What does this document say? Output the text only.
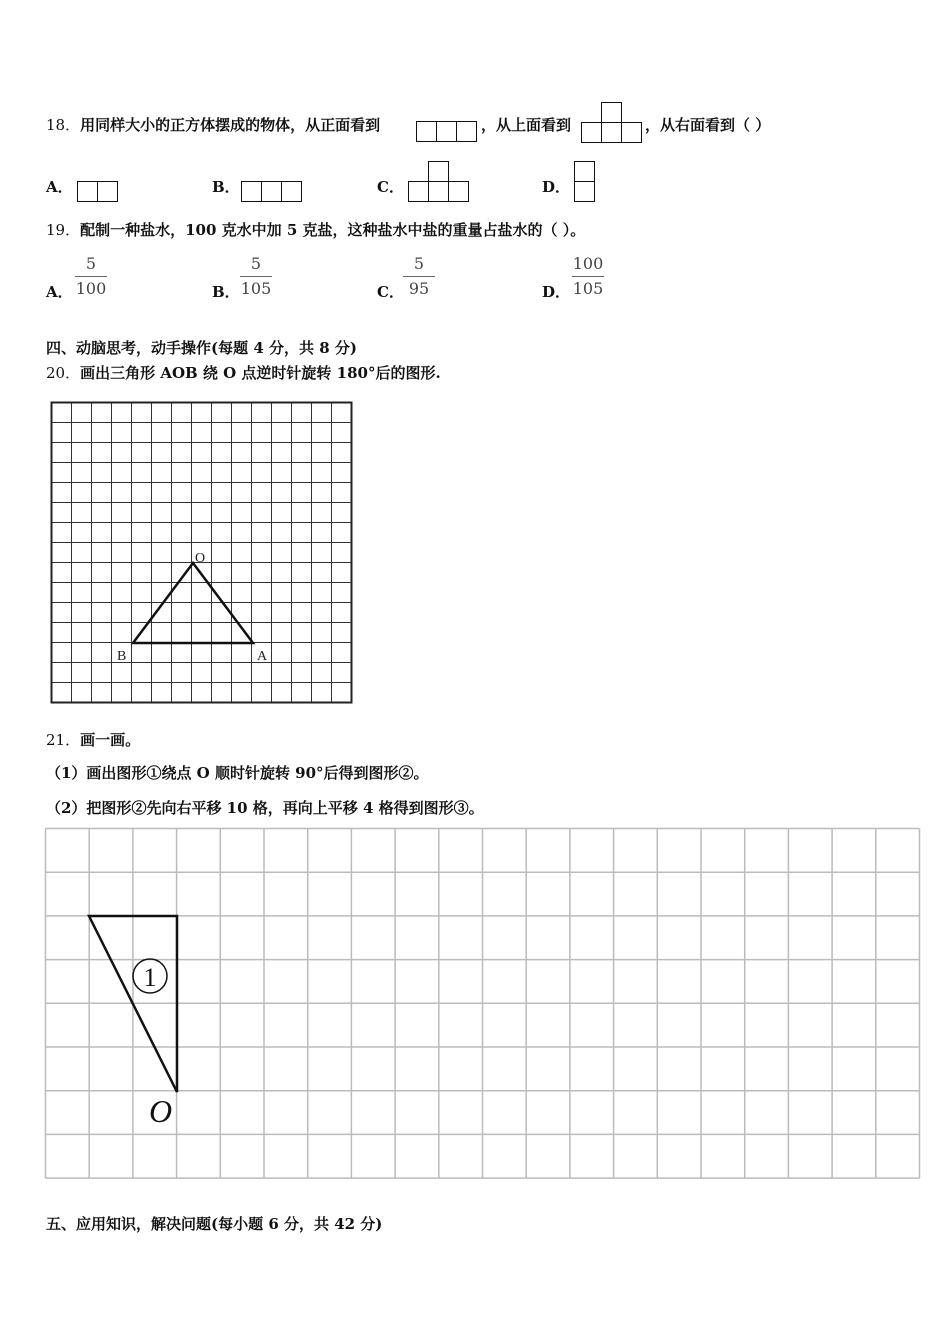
18．用同样大小的正方体摆成的物体，从正面看到	，从上面看到	，从右面看到（ ）
A．	B．	C．	D．
19．配制一种盐水，100 克水中加 5 克盐，这种盐水中盐的重量占盐水的（ ）。
A．
5
100	B．
5
105	C．
5
95	D．
100
105
四、动脑思考，动手操作(每题 4 分，共 8 分)
20．画出三角形 AOB 绕 O 点逆时针旋转 180°后的图形.
O
B	A
21．画一画。
（1）画出图形①绕点 O 顺时针旋转 90°后得到图形②。
（2）把图形②先向右平移 10 格，再向上平移 4 格得到图形③。
1
O
五、应用知识，解决问题(每小题 6 分，共 42 分)
